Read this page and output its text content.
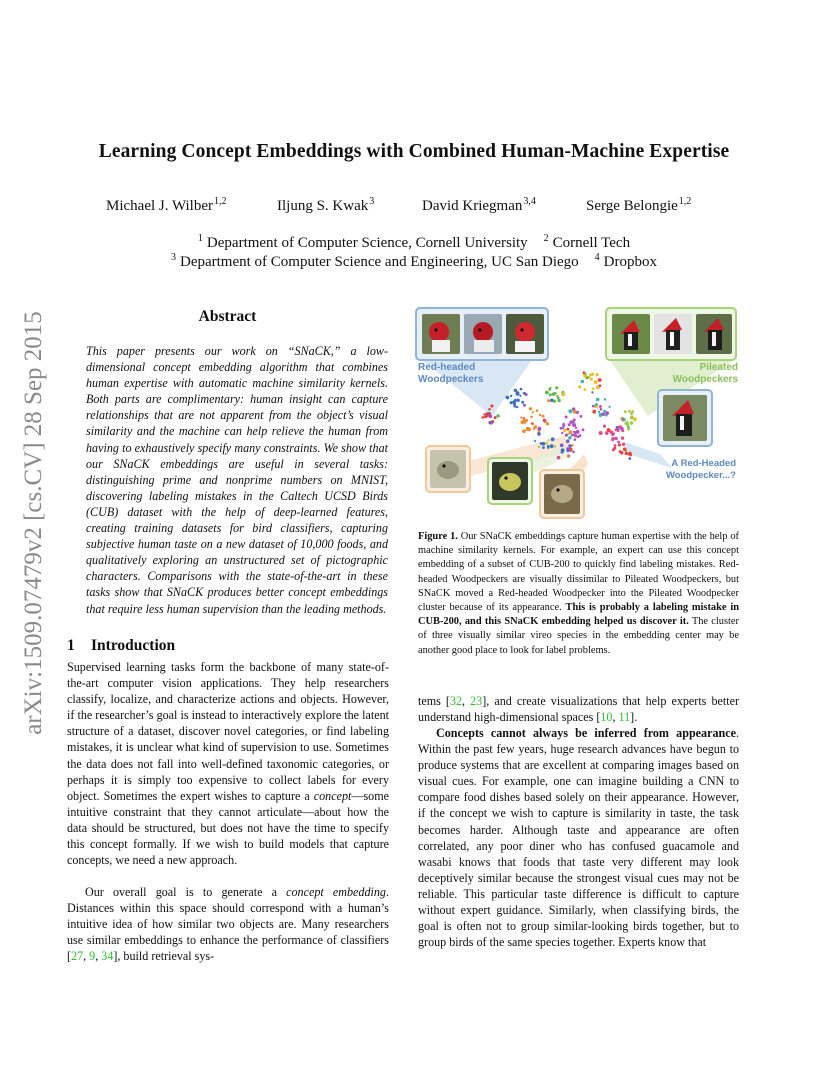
arXiv:1509.07479v2 [cs.CV] 28 Sep 2015
Learning Concept Embeddings with Combined Human-Machine Expertise
Michael J. Wilber$^{1,2}$	Iljung S. Kwak$^3$	David Kriegman$^{3,4}$	Serge Belongie$^{1,2}$
$^1$ Department of Computer Science, Cornell University $^2$ Cornell Tech
$^3$ Department of Computer Science and Engineering, UC San Diego $^4$ Dropbox
Abstract
This paper presents our work on “SNaCK,” a low-dimensional concept embedding algorithm that combines human expertise with automatic machine similarity kernels. Both parts are complimentary: human insight can capture relationships that are not apparent from the object’s visual similarity and the machine can help relieve the human from having to exhaustively specify many constraints. We show that our SNaCK embeddings are useful in several tasks: distinguishing prime and nonprime numbers on MNIST, discovering labeling mistakes in the Caltech UCSD Birds (CUB) dataset with the help of deep-learned features, creating training datasets for bird classifiers, capturing subjective human taste on a new dataset of 10,000 foods, and qualitatively exploring an unstructured set of pictographic characters. Comparisons with the state-of-the-art in these tasks show that SNaCK produces better concept embeddings that require less human supervision than the leading methods.
1 Introduction
Supervised learning tasks form the backbone of many state-of-the-art computer vision applications. They help researchers classify, localize, and characterize actions and objects. However, if the researcher’s goal is instead to interactively explore the latent structure of a dataset, discover novel categories, or find labeling mistakes, it is unclear what kind of supervision to use. Sometimes the data does not fall into well-defined taxonomic categories, or perhaps it is simply too expensive to collect labels for every object. Sometimes the expert wishes to capture a concept—some intuitive constraint that they cannot articulate—about how the data should be structured, but does not have the time to specify this concept formally. If we wish to build models that capture concepts, we need a new approach.
Our overall goal is to generate a concept embedding. Distances within this space should correspond with a human’s intuitive idea of how similar two objects are. Many researchers use similar embeddings to enhance the performance of classifiers [27, 9, 34], build retrieval sys-
Red-headed
Woodpeckers
Pileated
Woodpeckers
A Red-Headed
Woodpecker...?
Figure 1. Our SNaCK embeddings capture human expertise with the help of machine similarity kernels. For example, an expert can use this concept embedding of a subset of CUB-200 to quickly find labeling mistakes. Red-headed Woodpeckers are visually dissimilar to Pileated Woodpeckers, but SNaCK moved a Red-headed Woodpecker into the Pileated Woodpecker cluster because of its appearance. This is probably a labeling mistake in CUB-200, and this SNaCK embedding helped us discover it. The cluster of three visually similar vireo species in the embedding center may be another good place to look for label problems.
tems [32, 23], and create visualizations that help experts better understand high-dimensional spaces [10, 11].
Concepts cannot always be inferred from appearance. Within the past few years, huge research advances have begun to produce systems that are excellent at comparing images based on visual cues. For example, one can imagine building a CNN to compare food dishes based solely on their appearance. However, if the concept we wish to capture is similarity in taste, the task becomes harder. Although taste and appearance are often correlated, any poor diner who has confused guacamole and wasabi knows that foods that taste very different may look deceptively similar because the strongest visual cues may not be reliable. This particular taste difference is difficult to capture without expert guidance. Similarly, when classifying birds, the goal is often not to group similar-looking birds together, but to group birds of the same species together. Experts know that
